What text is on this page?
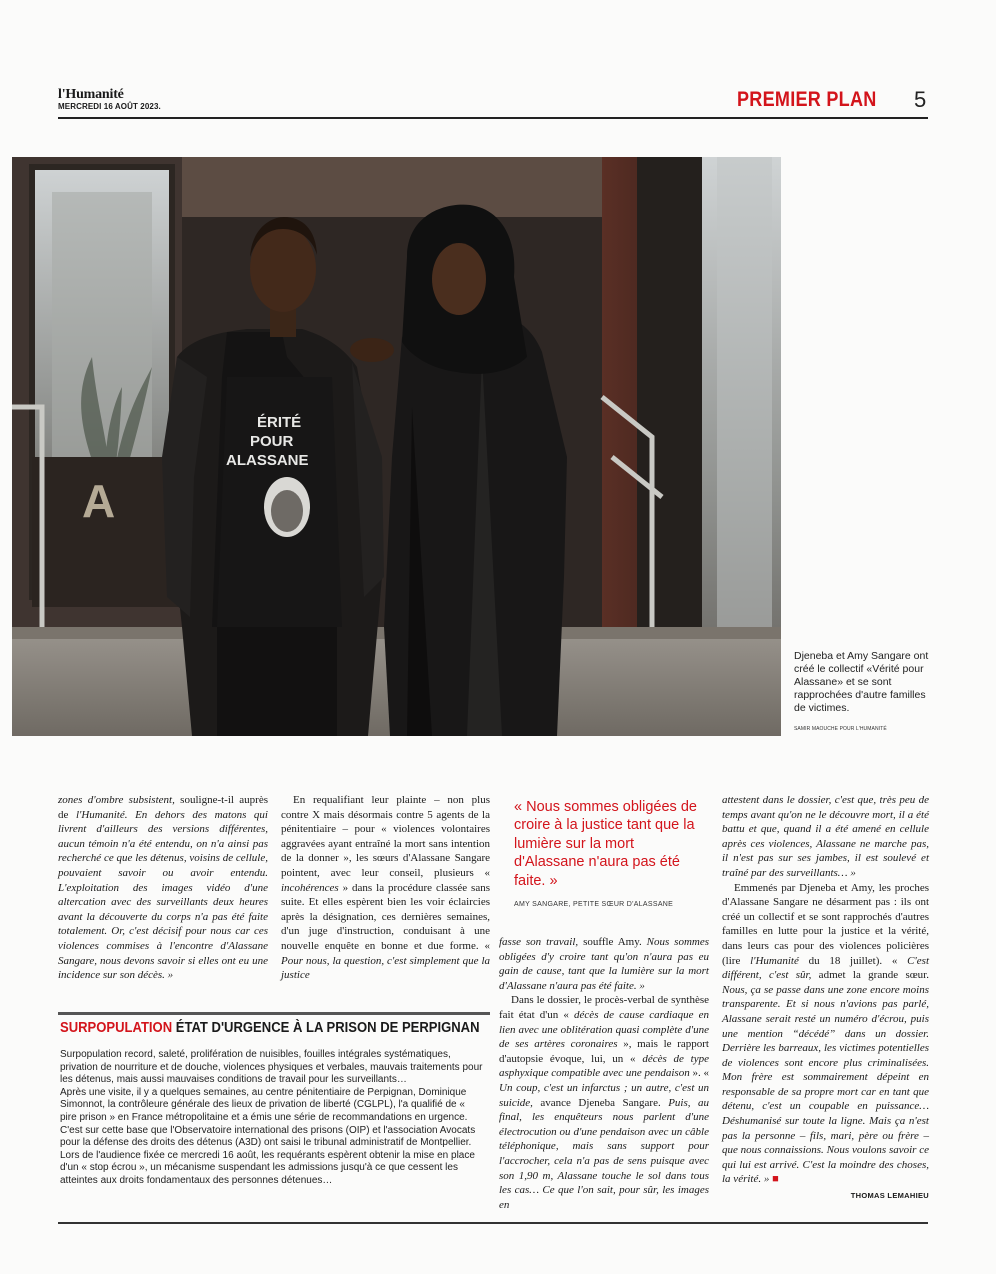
l'Humanité
MERCREDI 16 AOÛT 2023.	PREMIER PLAN 5
A
ÉRITÉ
POUR
ALASSANE
Djeneba et Amy Sangare ont créé le collectif «Vérité pour Alassane» et se sont rapprochées d'autre familles de victimes.
SAMIR MAOUCHE POUR L'HUMANITÉ

zones d'ombre subsistent, souligne-t-il auprès de l'Humanité. En dehors des matons qui livrent d'ailleurs des versions différentes, aucun témoin n'a été entendu, on n'a ainsi pas recherché ce que les détenus, voisins de cellule, pouvaient savoir ou avoir entendu. L'exploitation des images vidéo d'une altercation avec des surveillants deux heures avant la découverte du corps n'a pas été faite totalement. Or, c'est décisif pour nous car ces violences commises à l'encontre d'Alassane Sangare, nous devons savoir si elles ont eu une incidence sur son décès. »

En requalifiant leur plainte – non plus contre X mais désormais contre 5 agents de la pénitentiaire – pour « violences volontaires aggravées ayant entraîné la mort sans intention de la donner », les sœurs d'Alassane Sangare pointent, avec leur conseil, plusieurs « incohérences » dans la procédure classée sans suite. Et elles espèrent bien les voir éclaircies après la désignation, ces dernières semaines, d'un juge d'instruction, conduisant à une nouvelle enquête en bonne et due forme. « Pour nous, la question, c'est simplement que la justice

« Nous sommes obligées de croire à la justice tant que la lumière sur la mort d'Alassane n'aura pas été faite. »
AMY SANGARE, PETITE SŒUR D'ALASSANE

fasse son travail, souffle Amy. Nous sommes obligées d'y croire tant qu'on n'aura pas eu gain de cause, tant que la lumière sur la mort d'Alassane n'aura pas été faite. »

Dans le dossier, le procès-verbal de synthèse fait état d'un « décès de cause cardiaque en lien avec une oblitération quasi complète d'une de ses artères coronaires », mais le rapport d'autopsie évoque, lui, un « décès de type asphyxique compatible avec une pendaison ». « Un coup, c'est un infarctus ; un autre, c'est un suicide, avance Djeneba Sangare. Puis, au final, les enquêteurs nous parlent d'une électrocution ou d'une pendaison avec un câble téléphonique, mais sans support pour l'accrocher, cela n'a pas de sens puisque avec son 1,90 m, Alassane touche le sol dans tous les cas… Ce que l'on sait, pour sûr, les images en

attestent dans le dossier, c'est que, très peu de temps avant qu'on ne le découvre mort, il a été battu et que, quand il a été amené en cellule après ces violences, Alassane ne marche pas, il n'est pas sur ses jambes, il est soulevé et traîné par des surveillants… »

Emmenés par Djeneba et Amy, les proches d'Alassane Sangare ne désarment pas : ils ont créé un collectif et se sont rapprochés d'autres familles en lutte pour la justice et la vérité, dans leurs cas pour des violences policières (lire l'Humanité du 18 juillet). « C'est différent, c'est sûr, admet la grande sœur. Nous, ça se passe dans une zone encore moins transparente. Et si nous n'avions pas parlé, Alassane serait resté un numéro d'écrou, puis une mention “décédé” dans un dossier. Derrière les barreaux, les victimes potentielles de violences sont encore plus criminalisées. Mon frère est sommairement dépeint en responsable de sa propre mort car en tant que détenu, c'est un coupable en puissance… Déshumanisé sur toute la ligne. Mais ça n'est pas la personne – fils, mari, père ou frère – que nous connaissions. Nous voulons savoir ce qui lui est arrivé. C'est la moindre des choses, la vérité. » ■

THOMAS LEMAHIEU
SURPOPULATION ÉTAT D'URGENCE À LA PRISON DE PERPIGNAN

Surpopulation record, saleté, prolifération de nuisibles, fouilles intégrales systématiques, privation de nourriture et de douche, violences physiques et verbales, mauvais traitements pour les détenus, mais aussi mauvaises conditions de travail pour les surveillants…

Après une visite, il y a quelques semaines, au centre pénitentiaire de Perpignan, Dominique Simonnot, la contrôleure générale des lieux de privation de liberté (CGLPL), l'a qualifié de « pire prison » en France métropolitaine et a émis une série de recommandations en urgence.

C'est sur cette base que l'Observatoire international des prisons (OIP) et l'association Avocats pour la défense des droits des détenus (A3D) ont saisi le tribunal administratif de Montpellier. Lors de l'audience fixée ce mercredi 16 août, les requérants espèrent obtenir la mise en place d'un « stop écrou », un mécanisme suspendant les admissions jusqu'à ce que cessent les atteintes aux droits fondamentaux des personnes détenues…
